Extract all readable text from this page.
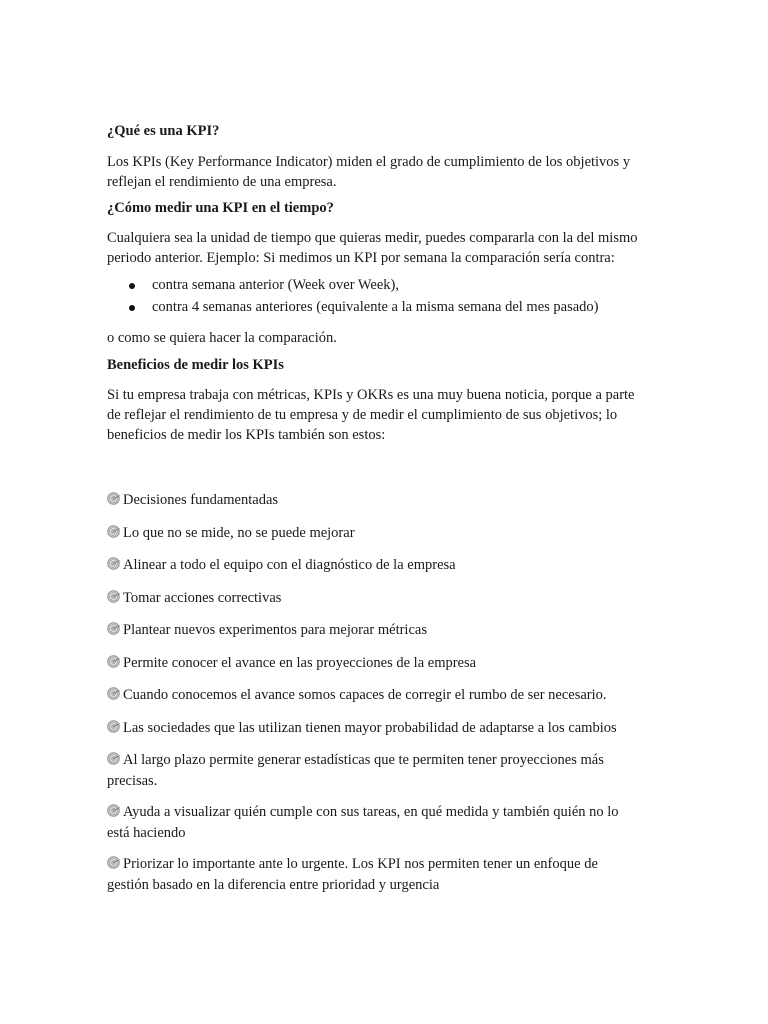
¿Qué es una KPI?

Los KPIs (Key Performance Indicator) miden el grado de cumplimiento de los objetivos y

reflejan el rendimiento de una empresa.

¿Cómo medir una KPI en el tiempo?

Cualquiera sea la unidad de tiempo que quieras medir, puedes compararla con la del mismo

periodo anterior. Ejemplo: Si medimos un KPI por semana la comparación sería contra:

contra semana anterior (Week over Week),
contra 4 semanas anteriores (equivalente a la misma semana del mes pasado)

o como se quiera hacer la comparación.

Beneficios de medir los KPIs

Si tu empresa trabaja con métricas, KPIs y OKRs es una muy buena noticia, porque a parte

de reflejar el rendimiento de tu empresa y de medir el cumplimiento de sus objetivos; lo

beneficios de medir los KPIs también son estos:

Decisiones fundamentadas

Lo que no se mide, no se puede mejorar

Alinear a todo el equipo con el diagnóstico de la empresa

Tomar acciones correctivas

Plantear nuevos experimentos para mejorar métricas

Permite conocer el avance en las proyecciones de la empresa

Cuando conocemos el avance somos capaces de corregir el rumbo de ser necesario.

Las sociedades que las utilizan tienen mayor probabilidad de adaptarse a los cambios

Al largo plazo permite generar estadísticas que te permiten tener proyecciones más
precisas.

Ayuda a visualizar quién cumple con sus tareas, en qué medida y también quién no lo
está haciendo

Priorizar lo importante ante lo urgente. Los KPI nos permiten tener un enfoque de
gestión basado en la diferencia entre prioridad y urgencia
